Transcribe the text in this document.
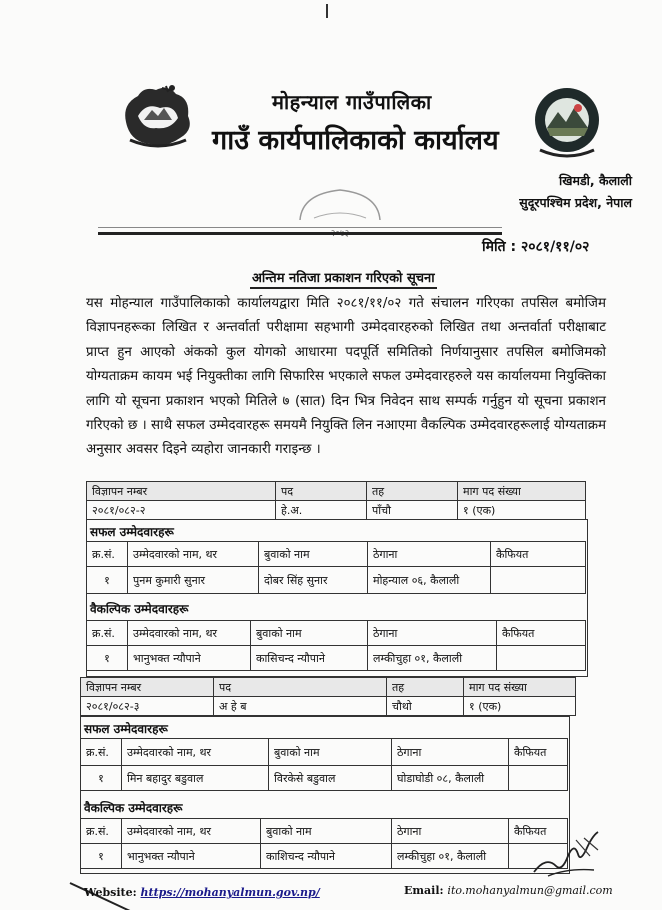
मोहन्याल गाउँपालिका
गाउँ कार्यपालिकाको कार्यालय
खिमडी, कैलाली
सुदूरपश्चिम प्रदेश, नेपाल
मिति : २०८१/११/०२
अन्तिम नतिजा प्रकाशन गरिएको सूचना
यस मोहन्याल गाउँपालिकाको कार्यालयद्वारा मिति २०८१/११/०२ गते संचालन गरिएका तपसिल बमोजिम विज्ञापनहरूका लिखित र अन्तर्वार्ता परीक्षामा सहभागी उम्मेदवारहरुको लिखित तथा अन्तर्वार्ता परीक्षाबाट प्राप्त हुन आएको अंकको कुल योगको आधारमा पदपूर्ति समितिको निर्णयानुसार तपसिल बमोजिमको योग्यताक्रम कायम भई नियुक्तीका लागि सिफारिस भएकाले सफल उम्मेदवारहरुले यस कार्यालयमा नियुक्तिका लागि यो सूचना प्रकाशन भएको मितिले ७ (सात) दिन भित्र निवेदन साथ सम्पर्क गर्नुहुन यो सूचना प्रकाशन गरिएको छ । साथै सफल उम्मेदवारहरू समयमै नियुक्ति लिन नआएमा वैकल्पिक उम्मेदवारहरूलाई योग्यताक्रम अनुसार अवसर दिइने व्यहोरा जानकारी गराइन्छ ।
विज्ञापन नम्बर	पद	तह	माग पद संख्या
२०८१/०८२-२	हे.अ.	पाँचौ	१ (एक)
सफल उम्मेदवारहरू
क्र.सं.	उम्मेदवारको नाम, थर	बुवाको नाम	ठेगाना	कैफियत
१	पुनम कुमारी सुनार	दोबर सिंह सुनार	मोहन्याल ०६, कैलाली	
वैकल्पिक उम्मेदवारहरू
क्र.सं.	उम्मेदवारको नाम, थर	बुवाको नाम	ठेगाना	कैफियत
१	भानुभक्त न्यौपाने	कासिचन्द न्यौपाने	लम्कीचुहा ०१, कैलाली	
विज्ञापन नम्बर	पद	तह	माग पद संख्या
२०८१/०८२-३	अ हे ब	चौथो	१ (एक)
सफल उम्मेदवारहरू
क्र.सं.	उम्मेदवारको नाम, थर	बुवाको नाम	ठेगाना	कैफियत
१	मिन बहादुर बडुवाल	विरकेसे बडुवाल	घोडाघोडी ०८, कैलाली	
वैकल्पिक उम्मेदवारहरू
क्र.सं.	उम्मेदवारको नाम, थर	बुवाको नाम	ठेगाना	कैफियत
१	भानुभक्त न्यौपाने	काशिचन्द न्यौपाने	लम्कीचुहा ०१, कैलाली	
Website: https://mohanyalmun.gov.np/	Email: ito.mohanyalmun@gmail.com
